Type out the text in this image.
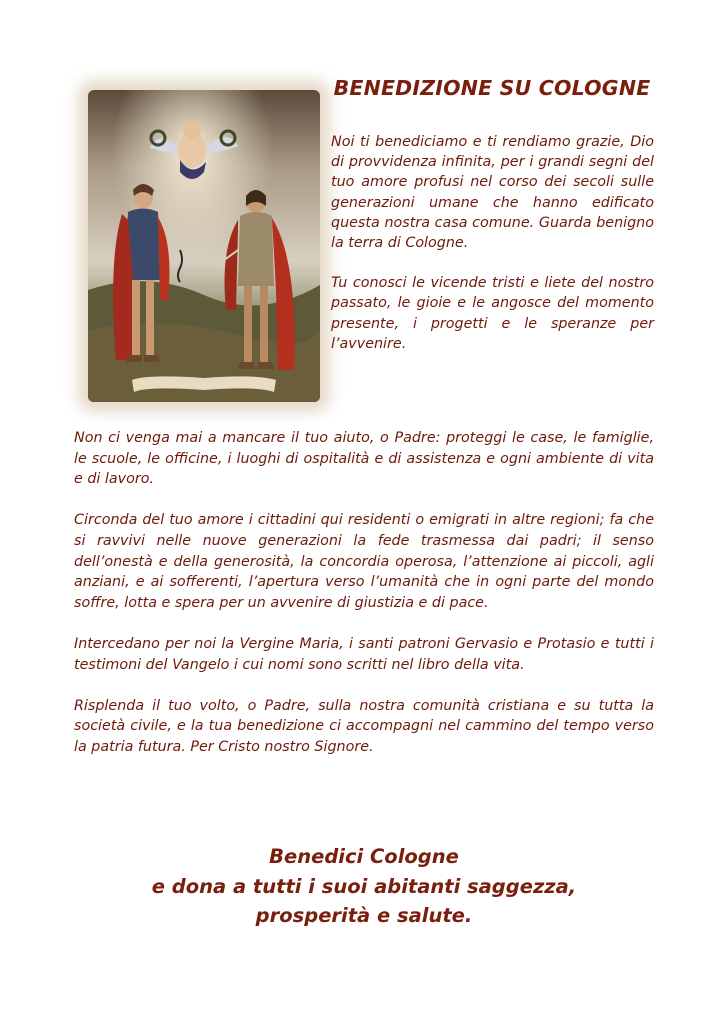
BENEDIZIONE SU COLOGNE

Noi ti benediciamo e ti rendiamo grazie, Dio di provvidenza infinita, per i grandi segni del tuo amore profusi nel corso dei secoli sulle generazioni umane che hanno edificato questa nostra casa comune. Guarda benigno la terra di Cologne.

Tu conosci le vicende tristi e liete del nostro passato, le gioie e le angosce del momento presente, i progetti e le speranze per l’avvenire.

Non ci venga mai a mancare il tuo aiuto, o Padre: proteggi le case, le famiglie, le scuole, le officine, i luoghi di ospitalità e di assistenza e ogni ambiente di vita e di lavoro.

Circonda del tuo amore i cittadini qui residenti o emigrati in altre regioni; fa che si ravvivi nelle nuove generazioni la fede trasmessa dai padri; il senso dell’onestà e della generosità, la concordia operosa, l’attenzione ai piccoli, agli anziani, e ai sofferenti, l’apertura verso l’umanità che in ogni parte del mondo soffre, lotta e spera per un avvenire di giustizia e di pace.

Intercedano per noi la Vergine Maria, i santi patroni Gervasio e Protasio e tutti i testimoni del Vangelo i cui nomi sono scritti nel libro della vita.

Risplenda il tuo volto, o Padre, sulla nostra comunità cristiana e su tutta la società civile, e la tua benedizione ci accompagni nel cammino del tempo verso la patria futura. Per Cristo nostro Signore.

Benedici Cologne
e dona a tutti i suoi abitanti saggezza,
prosperità e salute.
